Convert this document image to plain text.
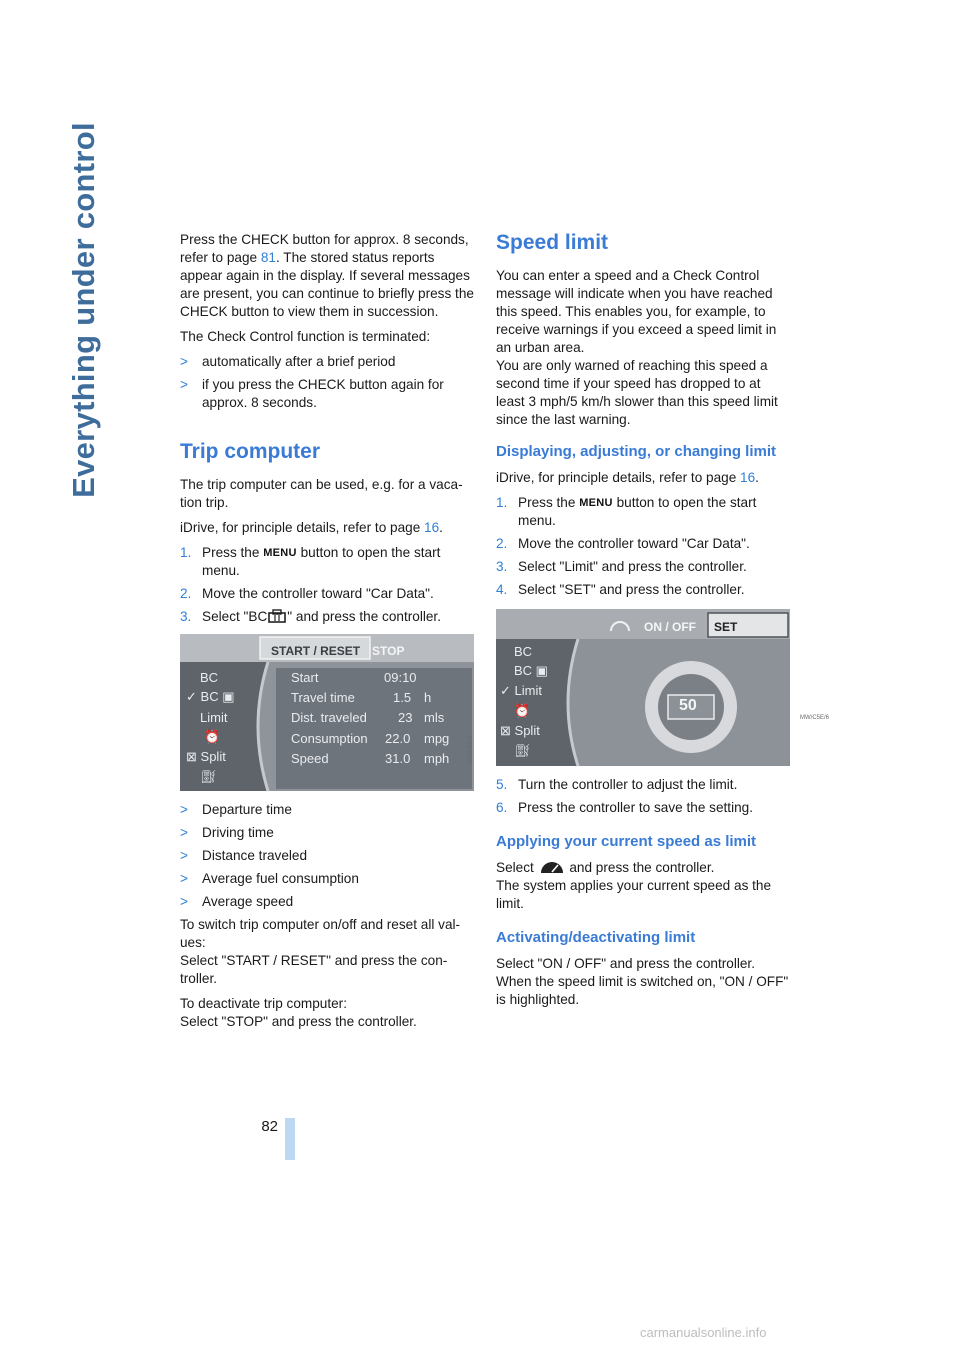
Everything under control
82

Press the CHECK button for approx. 8 seconds, refer to page 81. The stored status reports appear again in the display. If several messages are present, you can continue to briefly press the CHECK button to view them in succession.

The Check Control function is terminated:

> automatically after a brief period
> if you press the CHECK button again for approx. 8 seconds.
Trip computer

The trip computer can be used, e.g. for a vaca-tion trip.

iDrive, for principle details, refer to page 16.

1. Press the MENU button to open the start menu.
2. Move the controller toward "Car Data".
3. Select "BC " and press the controller.
START / RESET STOP
BC
✓ BC ▣
Limit
⏰
⊠ Split
⛽︎
Start	09:10
Travel time	1.5 h
Dist. traveled 23 mls
Consumption 22.0 mpg
Speed	31.0 mph	WU/C5E/A
> Departure time
> Driving time
> Distance traveled
> Average fuel consumption
> Average speed

To switch trip computer on/off and reset all val-ues:

Select "START / RESET" and press the con-troller.

To deactivate trip computer:

Select "STOP" and press the controller.

Speed limit

You can enter a speed and a Check Control message will indicate when you have reached this speed. This enables you, for example, to receive warnings if you exceed a speed limit in an urban area.

You are only warned of reaching this speed a second time if your speed has dropped to at least 3 mph/5 km/h slower than this speed limit since the last warning.

Displaying, adjusting, or changing limit

iDrive, for principle details, refer to page 16.

1. Press the MENU button to open the start menu.
2. Move the controller toward "Car Data".
3. Select "Limit" and press the controller.
4. Select "SET" and press the controller.
ON / OFF SET
BC
BC ▣
✓ Limit
⏰
⊠ Split
⛽︎
50
MW/C5E/6
5. Turn the controller to adjust the limit.
6. Press the controller to save the setting.
Applying your current speed as limit

Select  and press the controller.

The system applies your current speed as the limit.

Activating/deactivating limit

Select "ON / OFF" and press the controller.

When the speed limit is switched on, "ON / OFF" is highlighted.

carmanualsonline.info
